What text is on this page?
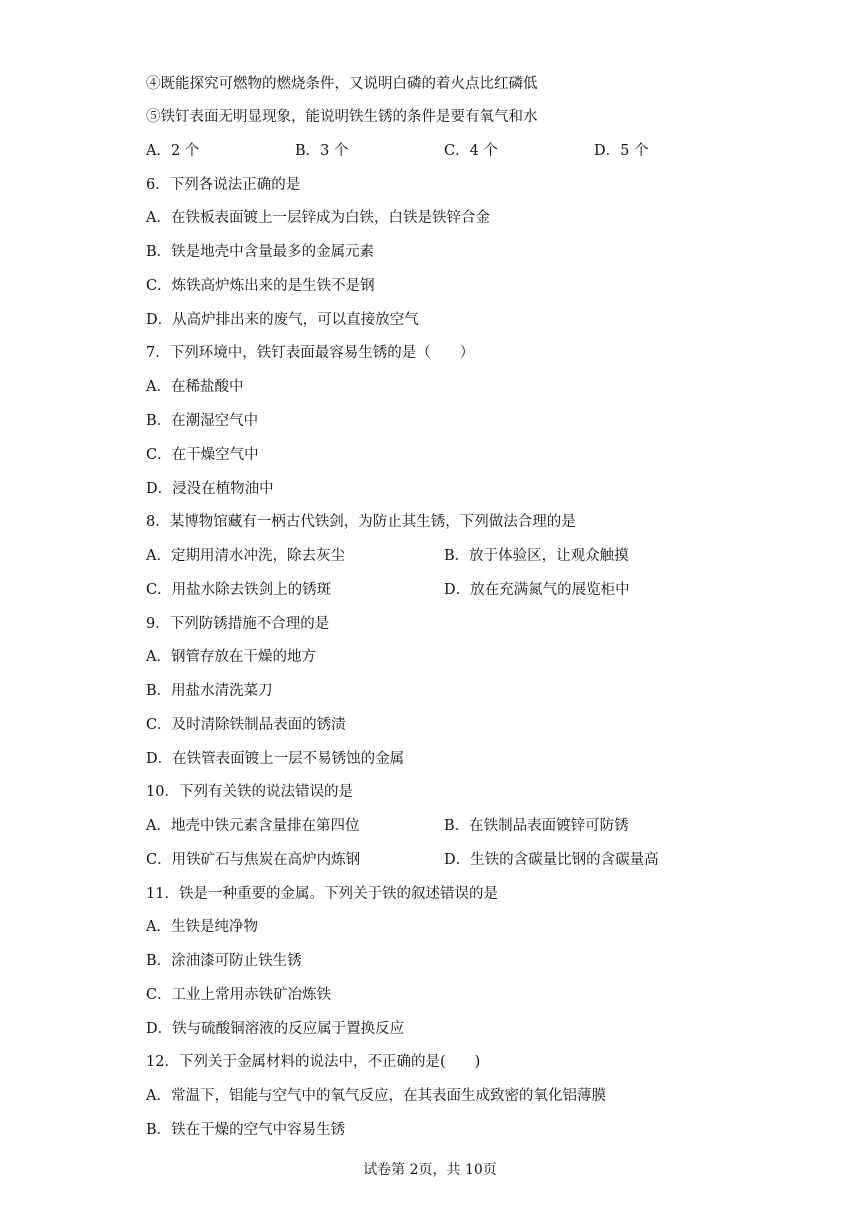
④既能探究可燃物的燃烧条件，又说明白磷的着火点比红磷低
⑤铁钉表面无明显现象，能说明铁生锈的条件是要有氧气和水
A．2 个	B．3 个	C．4 个	D．5 个
6．下列各说法正确的是
A．在铁板表面镀上一层锌成为白铁，白铁是铁锌合金
B．铁是地壳中含量最多的金属元素
C．炼铁高炉炼出来的是生铁不是钢
D．从高炉排出来的废气，可以直接放空气
7．下列环境中，铁钉表面最容易生锈的是（　　）
A．在稀盐酸中
B．在潮湿空气中
C．在干燥空气中
D．浸没在植物油中
8．某博物馆藏有一柄古代铁剑，为防止其生锈，下列做法合理的是
A．定期用清水冲洗，除去灰尘	B．放于体验区，让观众触摸
C．用盐水除去铁剑上的锈斑	D．放在充满氮气的展览柜中
9．下列防锈措施不合理的是
A．钢管存放在干燥的地方
B．用盐水清洗菜刀
C．及时清除铁制品表面的锈渍
D．在铁管表面镀上一层不易锈蚀的金属
10．下列有关铁的说法错误的是
A．地壳中铁元素含量排在第四位	B．在铁制品表面镀锌可防锈
C．用铁矿石与焦炭在高炉内炼钢	D．生铁的含碳量比钢的含碳量高
11．铁是一种重要的金属。下列关于铁的叙述错误的是
A．生铁是纯净物
B．涂油漆可防止铁生锈
C．工业上常用赤铁矿冶炼铁
D．铁与硫酸铜溶液的反应属于置换反应
12．下列关于金属材料的说法中，不正确的是(　　)
A．常温下，铝能与空气中的氧气反应，在其表面生成致密的氧化铝薄膜
B．铁在干燥的空气中容易生锈
试卷第 2页，共 10页
